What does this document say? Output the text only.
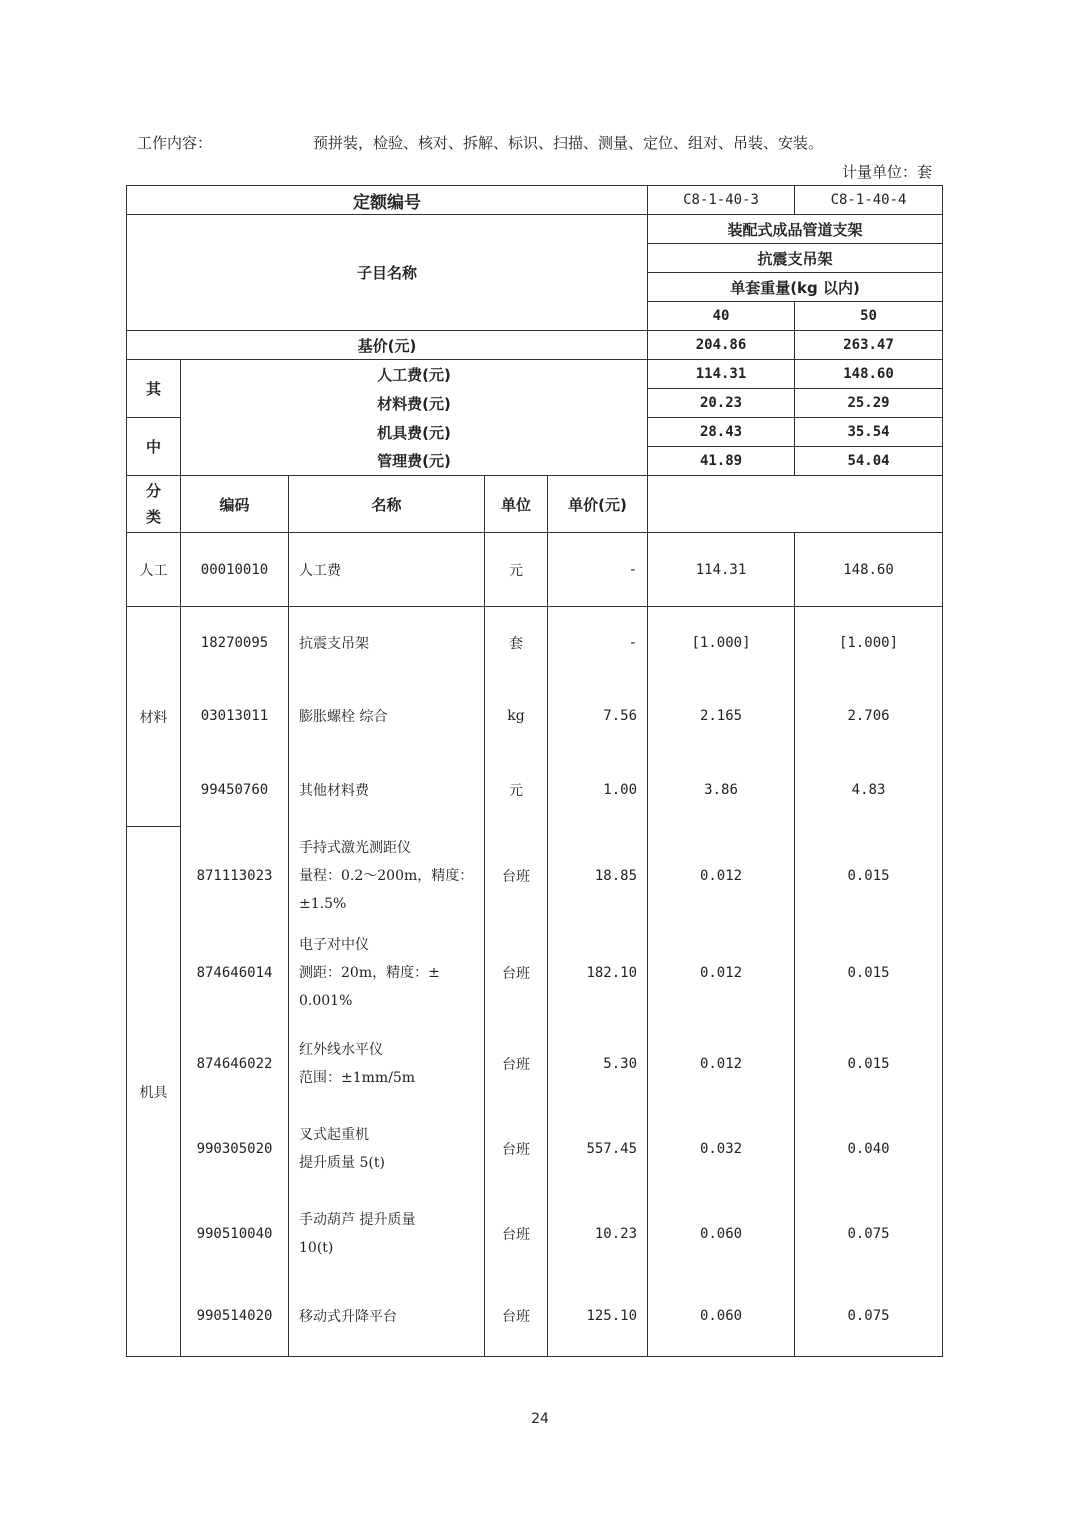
工作内容：	预拼装，检验、核对、拆解、标识、扫描、测量、定位、组对、吊装、安装。
计量单位：套
定额编号					C8-1-40-3	C8-1-40-4
子目名称					装配式成品管道支架	
					抗震支吊架	
					单套重量(kg 以内)	
					40	50
基价(元)					204.86	263.47
其	人工费(元)				114.31	148.60
	材料费(元)				20.23	25.29
中	机具费(元)				28.43	35.54
	管理费(元)				41.89	54.04
分
类	编码	名称	单位	单价(元)		
人工	00010010	人工费	元	-	114.31	148.60
材料	18270095	抗震支吊架	套	-	[1.000]	[1.000]
	03013011	膨胀螺栓 综合	kg	7.56	2.165	2.706
	99450760	其他材料费	元	1.00	3.86	4.83
机具	871113023	手持式激光测距仪
量程：0.2～200m，精度：
±1.5%	台班	18.85	0.012	0.015
	874646014	电子对中仪
测距：20m，精度：±
0.001%	台班	182.10	0.012	0.015
	874646022	红外线水平仪
范围：±1mm/5m	台班	5.30	0.012	0.015
	990305020	叉式起重机
提升质量 5(t)	台班	557.45	0.032	0.040
	990510040	手动葫芦 提升质量
10(t)	台班	10.23	0.060	0.075
	990514020	移动式升降平台	台班	125.10	0.060	0.075
24
